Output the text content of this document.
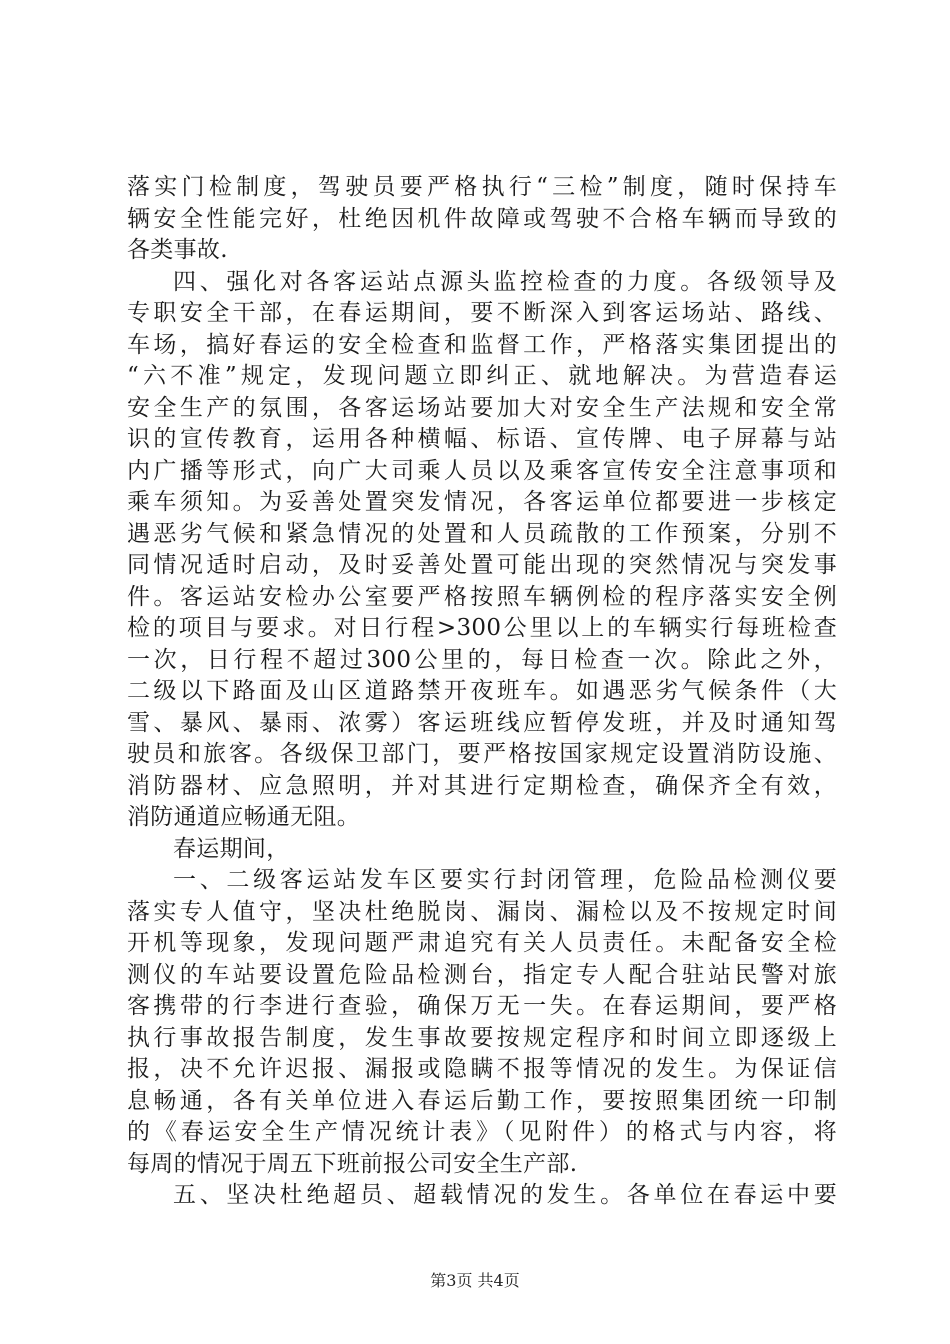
落实门检制度，驾驶员要严格执行“三检”制度，随时保持车
辆安全性能完好，杜绝因机件故障或驾驶不合格车辆而导致的
各类事故.
四、强化对各客运站点源头监控检查的力度。各级领导及
专职安全干部，在春运期间，要不断深入到客运场站、路线、
车场，搞好春运的安全检查和监督工作，严格落实集团提出的
“六不准”规定，发现问题立即纠正、就地解决。为营造春运
安全生产的氛围，各客运场站要加大对安全生产法规和安全常
识的宣传教育，运用各种横幅、标语、宣传牌、电子屏幕与站
内广播等形式，向广大司乘人员以及乘客宣传安全注意事项和
乘车须知。为妥善处置突发情况，各客运单位都要进一步核定
遇恶劣气候和紧急情况的处置和人员疏散的工作预案，分别不
同情况适时启动，及时妥善处置可能出现的突然情况与突发事
件。客运站安检办公室要严格按照车辆例检的程序落实安全例
检的项目与要求。对日行程>300公里以上的车辆实行每班检查
一次，日行程不超过300公里的，每日检查一次。除此之外，
二级以下路面及山区道路禁开夜班车。如遇恶劣气候条件（大
雪、暴风、暴雨、浓雾）客运班线应暂停发班，并及时通知驾
驶员和旅客。各级保卫部门，要严格按国家规定设置消防设施、
消防器材、应急照明，并对其进行定期检查，确保齐全有效，
消防通道应畅通无阻。
春运期间，
一、二级客运站发车区要实行封闭管理，危险品检测仪要
落实专人值守，坚决杜绝脱岗、漏岗、漏检以及不按规定时间
开机等现象，发现问题严肃追究有关人员责任。未配备安全检
测仪的车站要设置危险品检测台，指定专人配合驻站民警对旅
客携带的行李进行查验，确保万无一失。在春运期间，要严格
执行事故报告制度，发生事故要按规定程序和时间立即逐级上
报，决不允许迟报、漏报或隐瞒不报等情况的发生。为保证信
息畅通，各有关单位进入春运后勤工作，要按照集团统一印制
的《春运安全生产情况统计表》（见附件）的格式与内容，将
每周的情况于周五下班前报公司安全生产部.
五、坚决杜绝超员、超载情况的发生。各单位在春运中要
第3页 共4页
